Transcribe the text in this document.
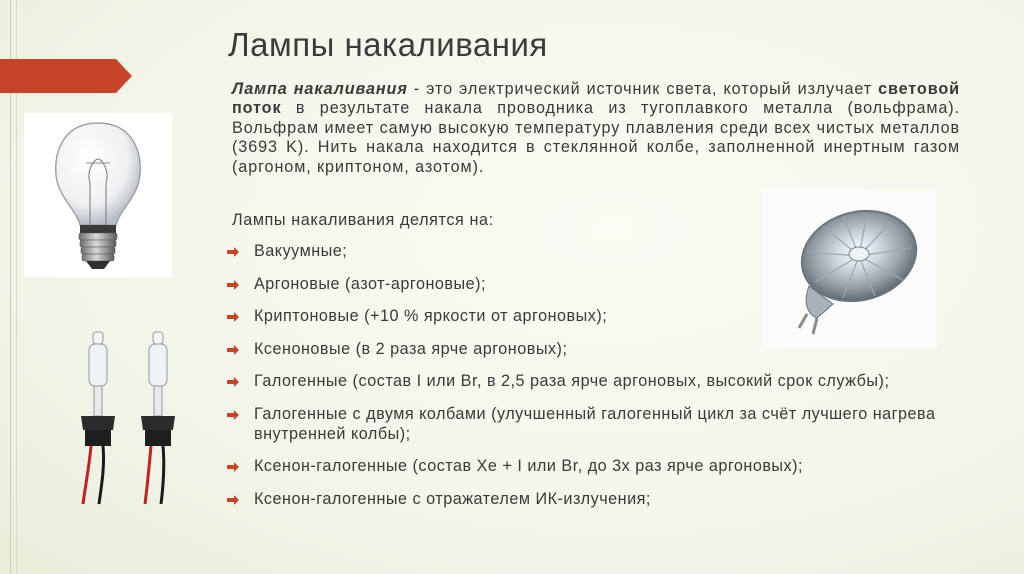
Лампы накаливания
Лампа накаливания - это электрический источник света, который излучает световой поток в результате накала проводника из тугоплавкого металла (вольфрама). Вольфрам имеет самую высокую температуру плавления среди всех чистых металлов (3693 K). Нить накала находится в стеклянной колбе, заполненной инертным газом (аргоном, криптоном, азотом).
Лампы накаливания делятся на:
Вакуумные;
Аргоновые (азот-аргоновые);
Криптоновые (+10 % яркости от аргоновых);
Ксеноновые (в 2 раза ярче аргоновых);
Галогенные (состав I или Br, в 2,5 раза ярче аргоновых, высокий срок службы);
Галогенные с двумя колбами (улучшенный галогенный цикл за счёт лучшего нагрева внутренней колбы);
Ксенон-галогенные (состав Xe + I или Br, до 3х раз ярче аргоновых);
Ксенон-галогенные с отражателем ИК-излучения;
